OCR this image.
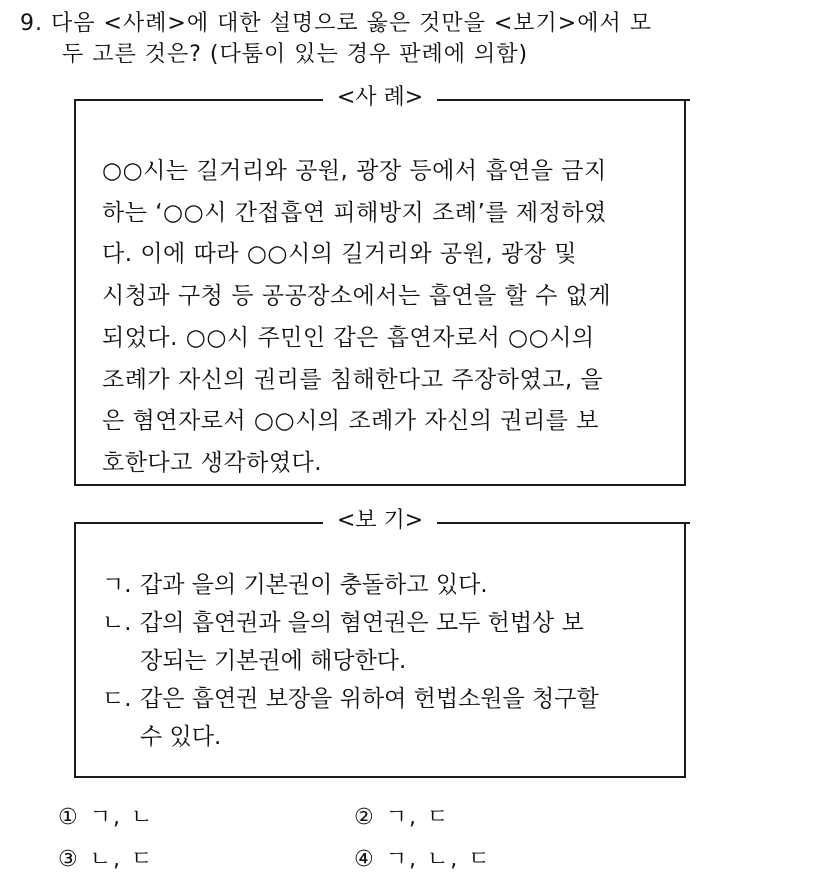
9. 다음 <사례>에 대한 설명으로 옳은 것만을 <보기>에서 모
두 고른 것은? (다툼이 있는 경우 판례에 의함)
<사 례>
○○시는 길거리와 공원, 광장 등에서 흡연을 금지
하는 ‘○○시 간접흡연 피해방지 조례’를 제정하였
다. 이에 따라 ○○시의 길거리와 공원, 광장 및
시청과 구청 등 공공장소에서는 흡연을 할 수 없게
되었다. ○○시 주민인 갑은 흡연자로서 ○○시의
조례가 자신의 권리를 침해한다고 주장하였고, 을
은 혐연자로서 ○○시의 조례가 자신의 권리를 보
호한다고 생각하였다.
<보 기>
ㄱ. 갑과 을의 기본권이 충돌하고 있다.
ㄴ. 갑의 흡연권과 을의 혐연권은 모두 헌법상 보
장되는 기본권에 해당한다.
ㄷ. 갑은 흡연권 보장을 위하여 헌법소원을 청구할
수 있다.
① ㄱ, ㄴ	② ㄱ, ㄷ
③ ㄴ, ㄷ	④ ㄱ, ㄴ, ㄷ
